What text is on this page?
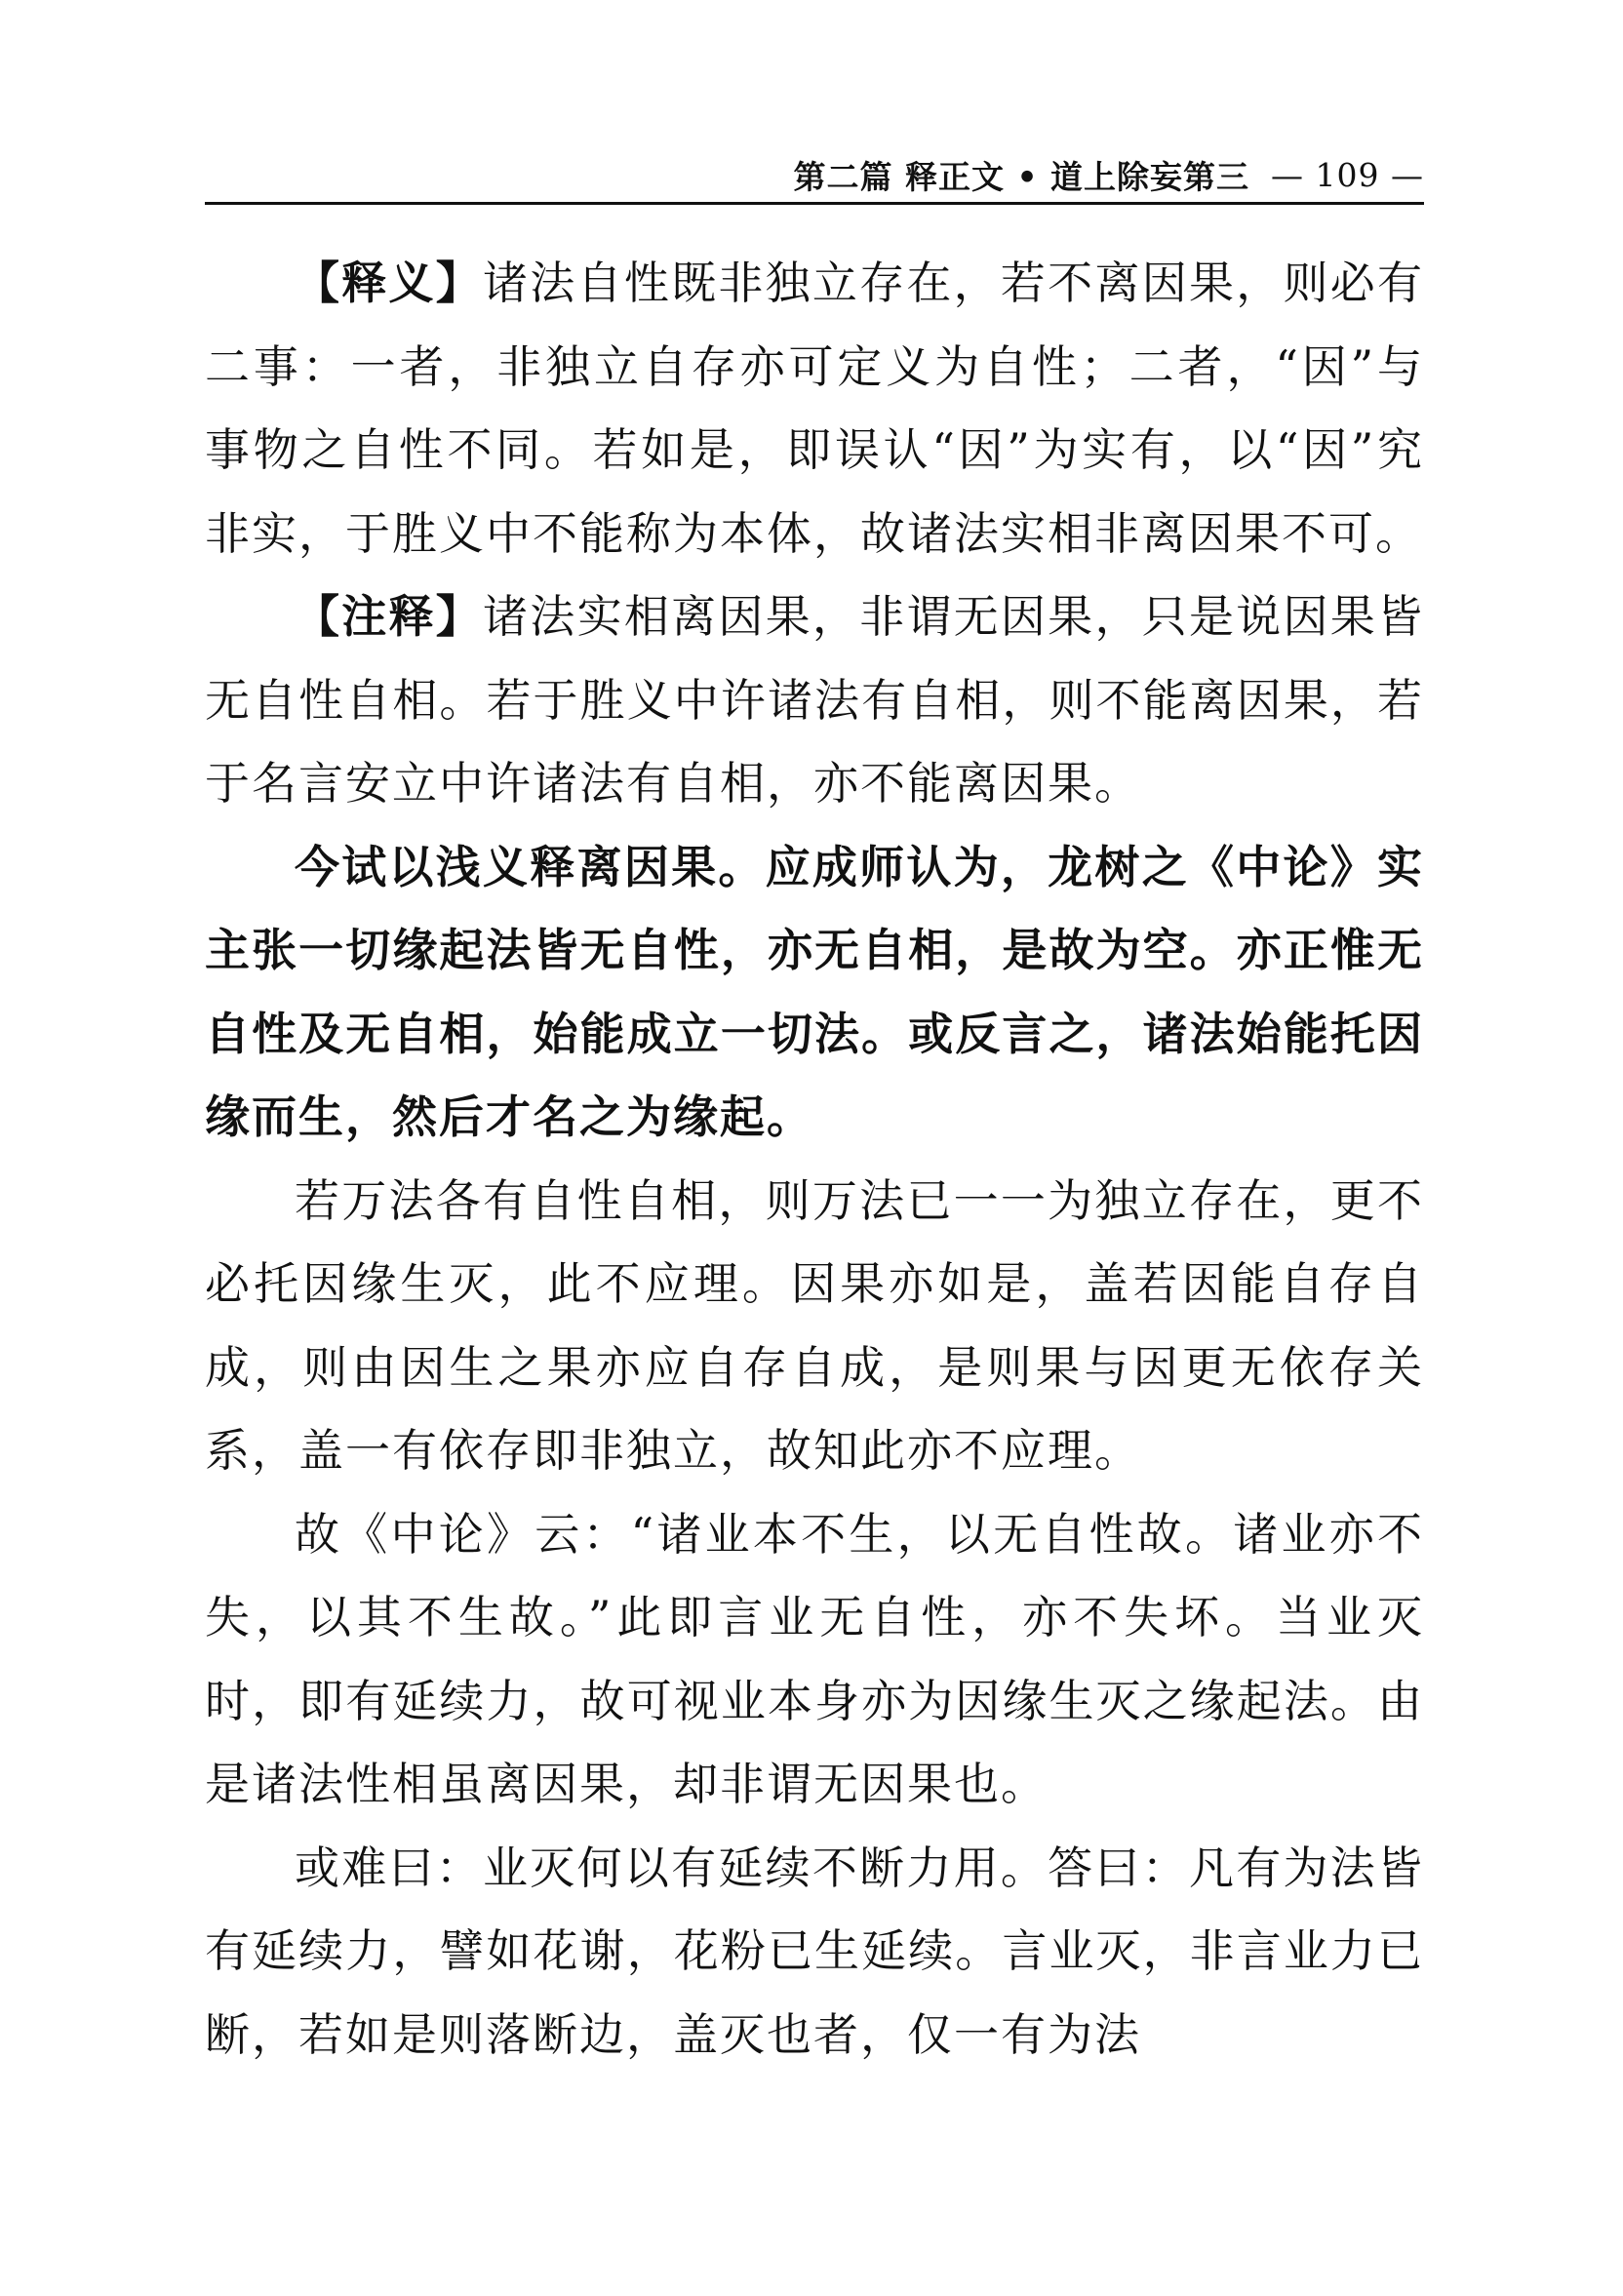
第二篇 释正文 • 道上除妄第三 — 109 —

【释义】诸法自性既非独立存在，若不离因果，则必有二事：一者，非独立自存亦可定义为自性；二者，“因”与事物之自性不同。若如是，即误认“因”为实有，以“因”究非实，于胜义中不能称为本体，故诸法实相非离因果不可。

【注释】诸法实相离因果，非谓无因果，只是说因果皆无自性自相。若于胜义中许诸法有自相，则不能离因果，若于名言安立中许诸法有自相，亦不能离因果。

今试以浅义释离因果。应成师认为，龙树之《中论》实主张一切缘起法皆无自性，亦无自相，是故为空。亦正惟无自性及无自相，始能成立一切法。或反言之，诸法始能托因缘而生，然后才名之为缘起。

若万法各有自性自相，则万法已一一为独立存在，更不必托因缘生灭，此不应理。因果亦如是，盖若因能自存自成，则由因生之果亦应自存自成，是则果与因更无依存关系，盖一有依存即非独立，故知此亦不应理。

故《中论》云：“诸业本不生，以无自性故。诸业亦不失，以其不生故。”此即言业无自性，亦不失坏。当业灭时，即有延续力，故可视业本身亦为因缘生灭之缘起法。由是诸法性相虽离因果，却非谓无因果也。

或难曰：业灭何以有延续不断力用。答曰：凡有为法皆有延续力，譬如花谢，花粉已生延续。言业灭，非言业力已断，若如是则落断边，盖灭也者，仅一有为法
